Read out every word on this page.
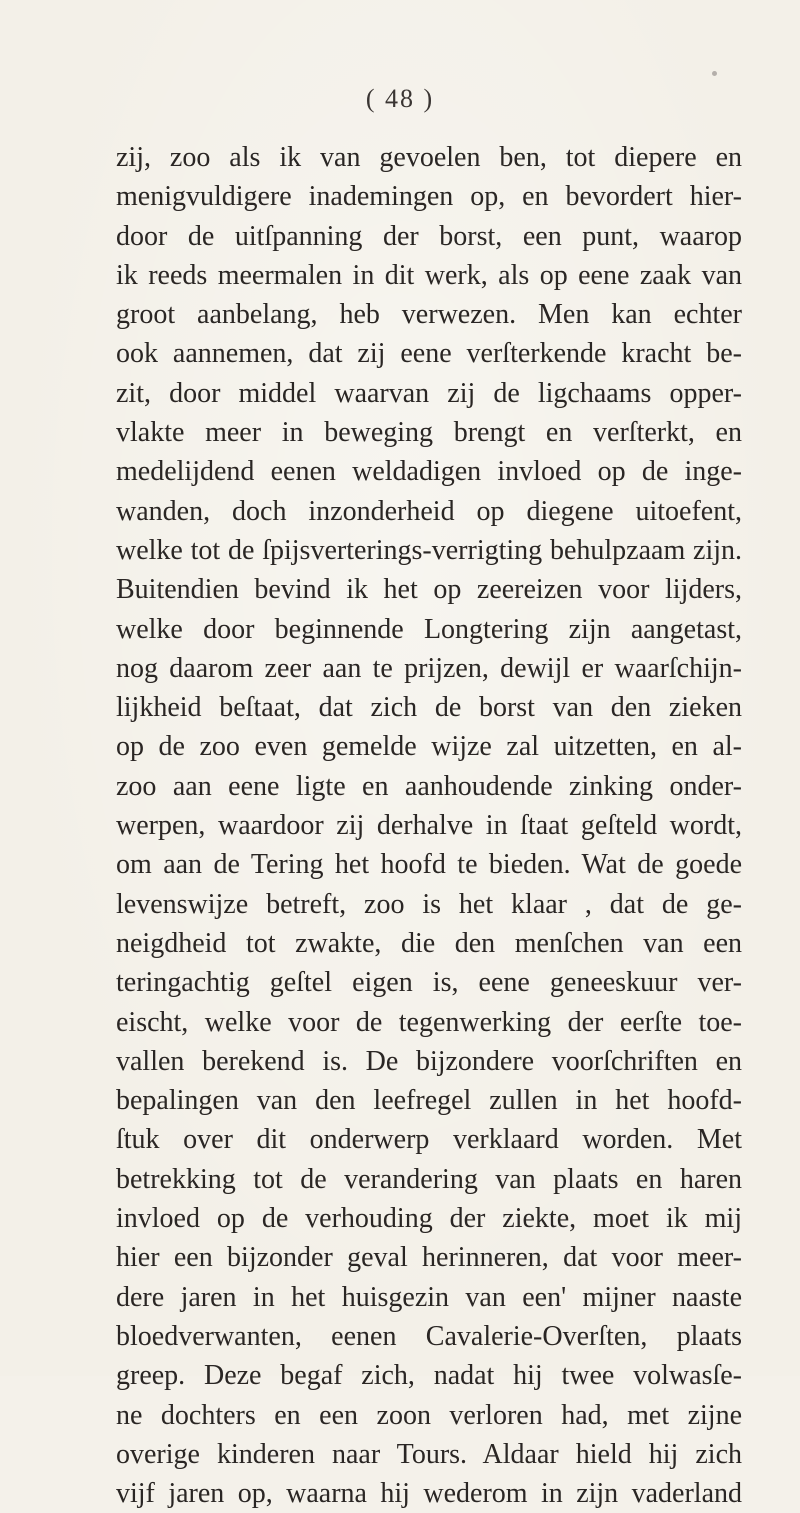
( 48 )
zij, zoo als ik van gevoelen ben, tot diepere en
menigvuldigere inademingen op, en bevordert hier-
door de uitſpanning der borst, een punt, waarop
ik reeds meermalen in dit werk, als op eene zaak van
groot aanbelang, heb verwezen. Men kan echter
ook aannemen, dat zij eene verſterkende kracht be-
zit, door middel waarvan zij de ligchaams opper-
vlakte meer in beweging brengt en verſterkt, en
medelijdend eenen weldadigen invloed op de inge-
wanden, doch inzonderheid op diegene uitoefent,
welke tot de ſpijsverterings-verrigting behulpzaam zijn.
Buitendien bevind ik het op zeereizen voor lijders,
welke door beginnende Longtering zijn aangetast,
nog daarom zeer aan te prijzen, dewijl er waarſchijn-
lijkheid beſtaat, dat zich de borst van den zieken
op de zoo even gemelde wijze zal uitzetten, en al-
zoo aan eene ligte en aanhoudende zinking onder-
werpen, waardoor zij derhalve in ſtaat geſteld wordt,
om aan de Tering het hoofd te bieden. Wat de goede
levenswijze betreft, zoo is het klaar , dat de ge-
neigdheid tot zwakte, die den menſchen van een
teringachtig geſtel eigen is, eene geneeskuur ver-
eischt, welke voor de tegenwerking der eerſte toe-
vallen berekend is. De bijzondere voorſchriften en
bepalingen van den leefregel zullen in het hoofd-
ſtuk over dit onderwerp verklaard worden. Met
betrekking tot de verandering van plaats en haren
invloed op de verhouding der ziekte, moet ik mij
hier een bijzonder geval herinneren, dat voor meer-
dere jaren in het huisgezin van een' mijner naaste
bloedverwanten, eenen Cavalerie-Overſten, plaats
greep. Deze begaf zich, nadat hij twee volwasſe-
ne dochters en een zoon verloren had, met zijne
overige kinderen naar Tours. Aldaar hield hij zich
vijf jaren op, waarna hij wederom in zijn vaderland
